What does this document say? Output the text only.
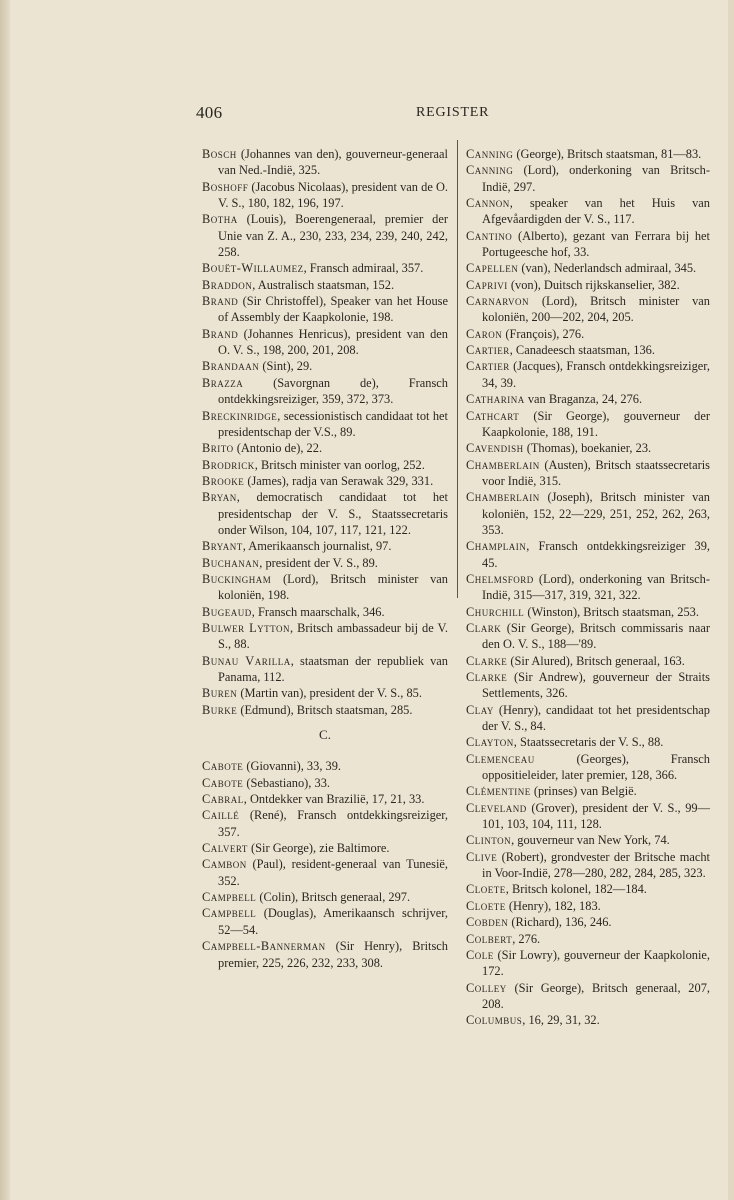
406	REGISTER

Bosch (Johannes van den), gouverneur-generaal van Ned.-Indië, 325.

Boshoff (Jacobus Nicolaas), president van de O. V. S., 180, 182, 196, 197.

Botha (Louis), Boerengeneraal, premier der Unie van Z. A., 230, 233, 234, 239, 240, 242, 258.

Bouët-Willaumez, Fransch admiraal, 357.

Braddon, Australisch staatsman, 152.

Brand (Sir Christoffel), Speaker van het House of Assembly der Kaapkolonie, 198.

Brand (Johannes Henricus), president van den O. V. S., 198, 200, 201, 208.

Brandaan (Sint), 29.

Brazza (Savorgnan de), Fransch ontdekkingsreiziger, 359, 372, 373.

Breckinridge, secessionistisch candidaat tot het presidentschap der V.S., 89.

Brito (Antonio de), 22.

Brodrick, Britsch minister van oorlog, 252.

Brooke (James), radja van Serawak 329, 331.

Bryan, democratisch candidaat tot het presidentschap der V. S., Staatssecretaris onder Wilson, 104, 107, 117, 121, 122.

Bryant, Amerikaansch journalist, 97.

Buchanan, president der V. S., 89.

Buckingham (Lord), Britsch minister van koloniën, 198.

Bugeaud, Fransch maarschalk, 346.

Bulwer Lytton, Britsch ambassadeur bij de V. S., 88.

Bunau Varilla, staatsman der republiek van Panama, 112.

Buren (Martin van), president der V. S., 85.

Burke (Edmund), Britsch staatsman, 285.

C.

Cabote (Giovanni), 33, 39.

Cabote (Sebastiano), 33.

Cabral, Ontdekker van Brazilië, 17, 21, 33.

Caillé (René), Fransch ontdekkingsreiziger, 357.

Calvert (Sir George), zie Baltimore.

Cambon (Paul), resident-generaal van Tunesië, 352.

Campbell (Colin), Britsch generaal, 297.

Campbell (Douglas), Amerikaansch schrijver, 52—54.

Campbell-Bannerman (Sir Henry), Britsch premier, 225, 226, 232, 233, 308.

Canning (George), Britsch staatsman, 81—83.

Canning (Lord), onderkoning van Britsch-Indië, 297.

Cannon, speaker van het Huis van Afgevåardigden der V. S., 117.

Cantino (Alberto), gezant van Ferrara bij het Portugeesche hof, 33.

Capellen (van), Nederlandsch admiraal, 345.

Caprivi (von), Duitsch rijkskanselier, 382.

Carnarvon (Lord), Britsch minister van koloniën, 200—202, 204, 205.

Caron (François), 276.

Cartier, Canadeesch staatsman, 136.

Cartier (Jacques), Fransch ontdekkingsreiziger, 34, 39.

Catharina van Braganza, 24, 276.

Cathcart (Sir George), gouverneur der Kaapkolonie, 188, 191.

Cavendish (Thomas), boekanier, 23.

Chamberlain (Austen), Britsch staatssecretaris voor Indië, 315.

Chamberlain (Joseph), Britsch minister van koloniën, 152, 22—229, 251, 252, 262, 263, 353.

Champlain, Fransch ontdekkingsreiziger 39, 45.

Chelmsford (Lord), onderkoning van Britsch-Indië, 315—317, 319, 321, 322.

Churchill (Winston), Britsch staatsman, 253.

Clark (Sir George), Britsch commissaris naar den O. V. S., 188—'89.

Clarke (Sir Alured), Britsch generaal, 163.

Clarke (Sir Andrew), gouverneur der Straits Settlements, 326.

Clay (Henry), candidaat tot het presidentschap der V. S., 84.

Clayton, Staatssecretaris der V. S., 88.

Clemenceau (Georges), Fransch oppositieleider, later premier, 128, 366.

Clémentine (prinses) van België.

Cleveland (Grover), president der V. S., 99—101, 103, 104, 111, 128.

Clinton, gouverneur van New York, 74.

Clive (Robert), grondvester der Britsche macht in Voor-Indië, 278—280, 282, 284, 285, 323.

Cloete, Britsch kolonel, 182—184.

Cloete (Henry), 182, 183.

Cobden (Richard), 136, 246.

Colbert, 276.

Cole (Sir Lowry), gouverneur der Kaapkolonie, 172.

Colley (Sir George), Britsch generaal, 207, 208.

Columbus, 16, 29, 31, 32.
